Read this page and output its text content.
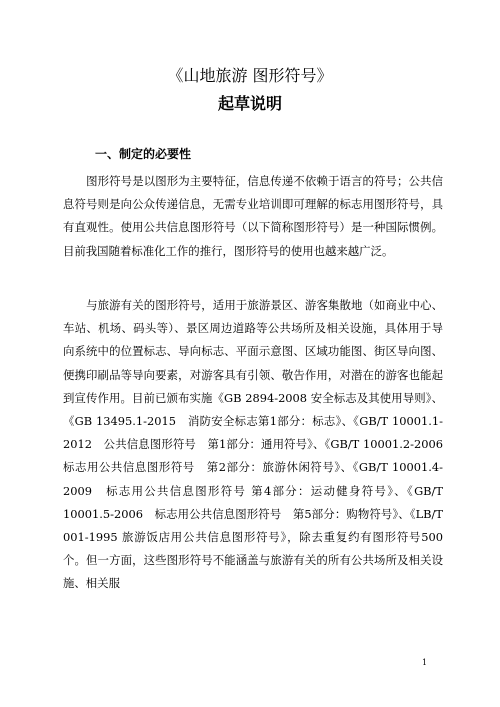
《山地旅游 图形符号》
起草说明
一、制定的必要性
图形符号是以图形为主要特征，信息传递不依赖于语言的符号；公共信息符号则是向公众传递信息，无需专业培训即可理解的标志用图形符号，具有直观性。使用公共信息图形符号（以下简称图形符号）是一种国际惯例。目前我国随着标准化工作的推行，图形符号的使用也越来越广泛。
与旅游有关的图形符号，适用于旅游景区、游客集散地（如商业中心、车站、机场、码头等）、景区周边道路等公共场所及相关设施，具体用于导向系统中的位置标志、导向标志、平面示意图、区域功能图、街区导向图、便携印刷品等导向要素，对游客具有引领、敬告作用，对潜在的游客也能起到宣传作用。目前已颁布实施《GB 2894-2008 安全标志及其使用导则》、《GB 13495.1-2015　消防安全标志第1部分：标志》、《GB/T 10001.1-2012　公共信息图形符号　第1部分：通用符号》、《GB/T 10001.2-2006　标志用公共信息图形符号　第2部分：旅游休闲符号》、《GB/T 10001.4-2009　标志用公共信息图形符号 第4部分：运动健身符号》、《GB/T 10001.5-2006　标志用公共信息图形符号　第5部分：购物符号》、《LB/T 001-1995 旅游饭店用公共信息图形符号》，除去重复约有图形符号500个。但一方面，这些图形符号不能涵盖与旅游有关的所有公共场所及相关设施、相关服
1
